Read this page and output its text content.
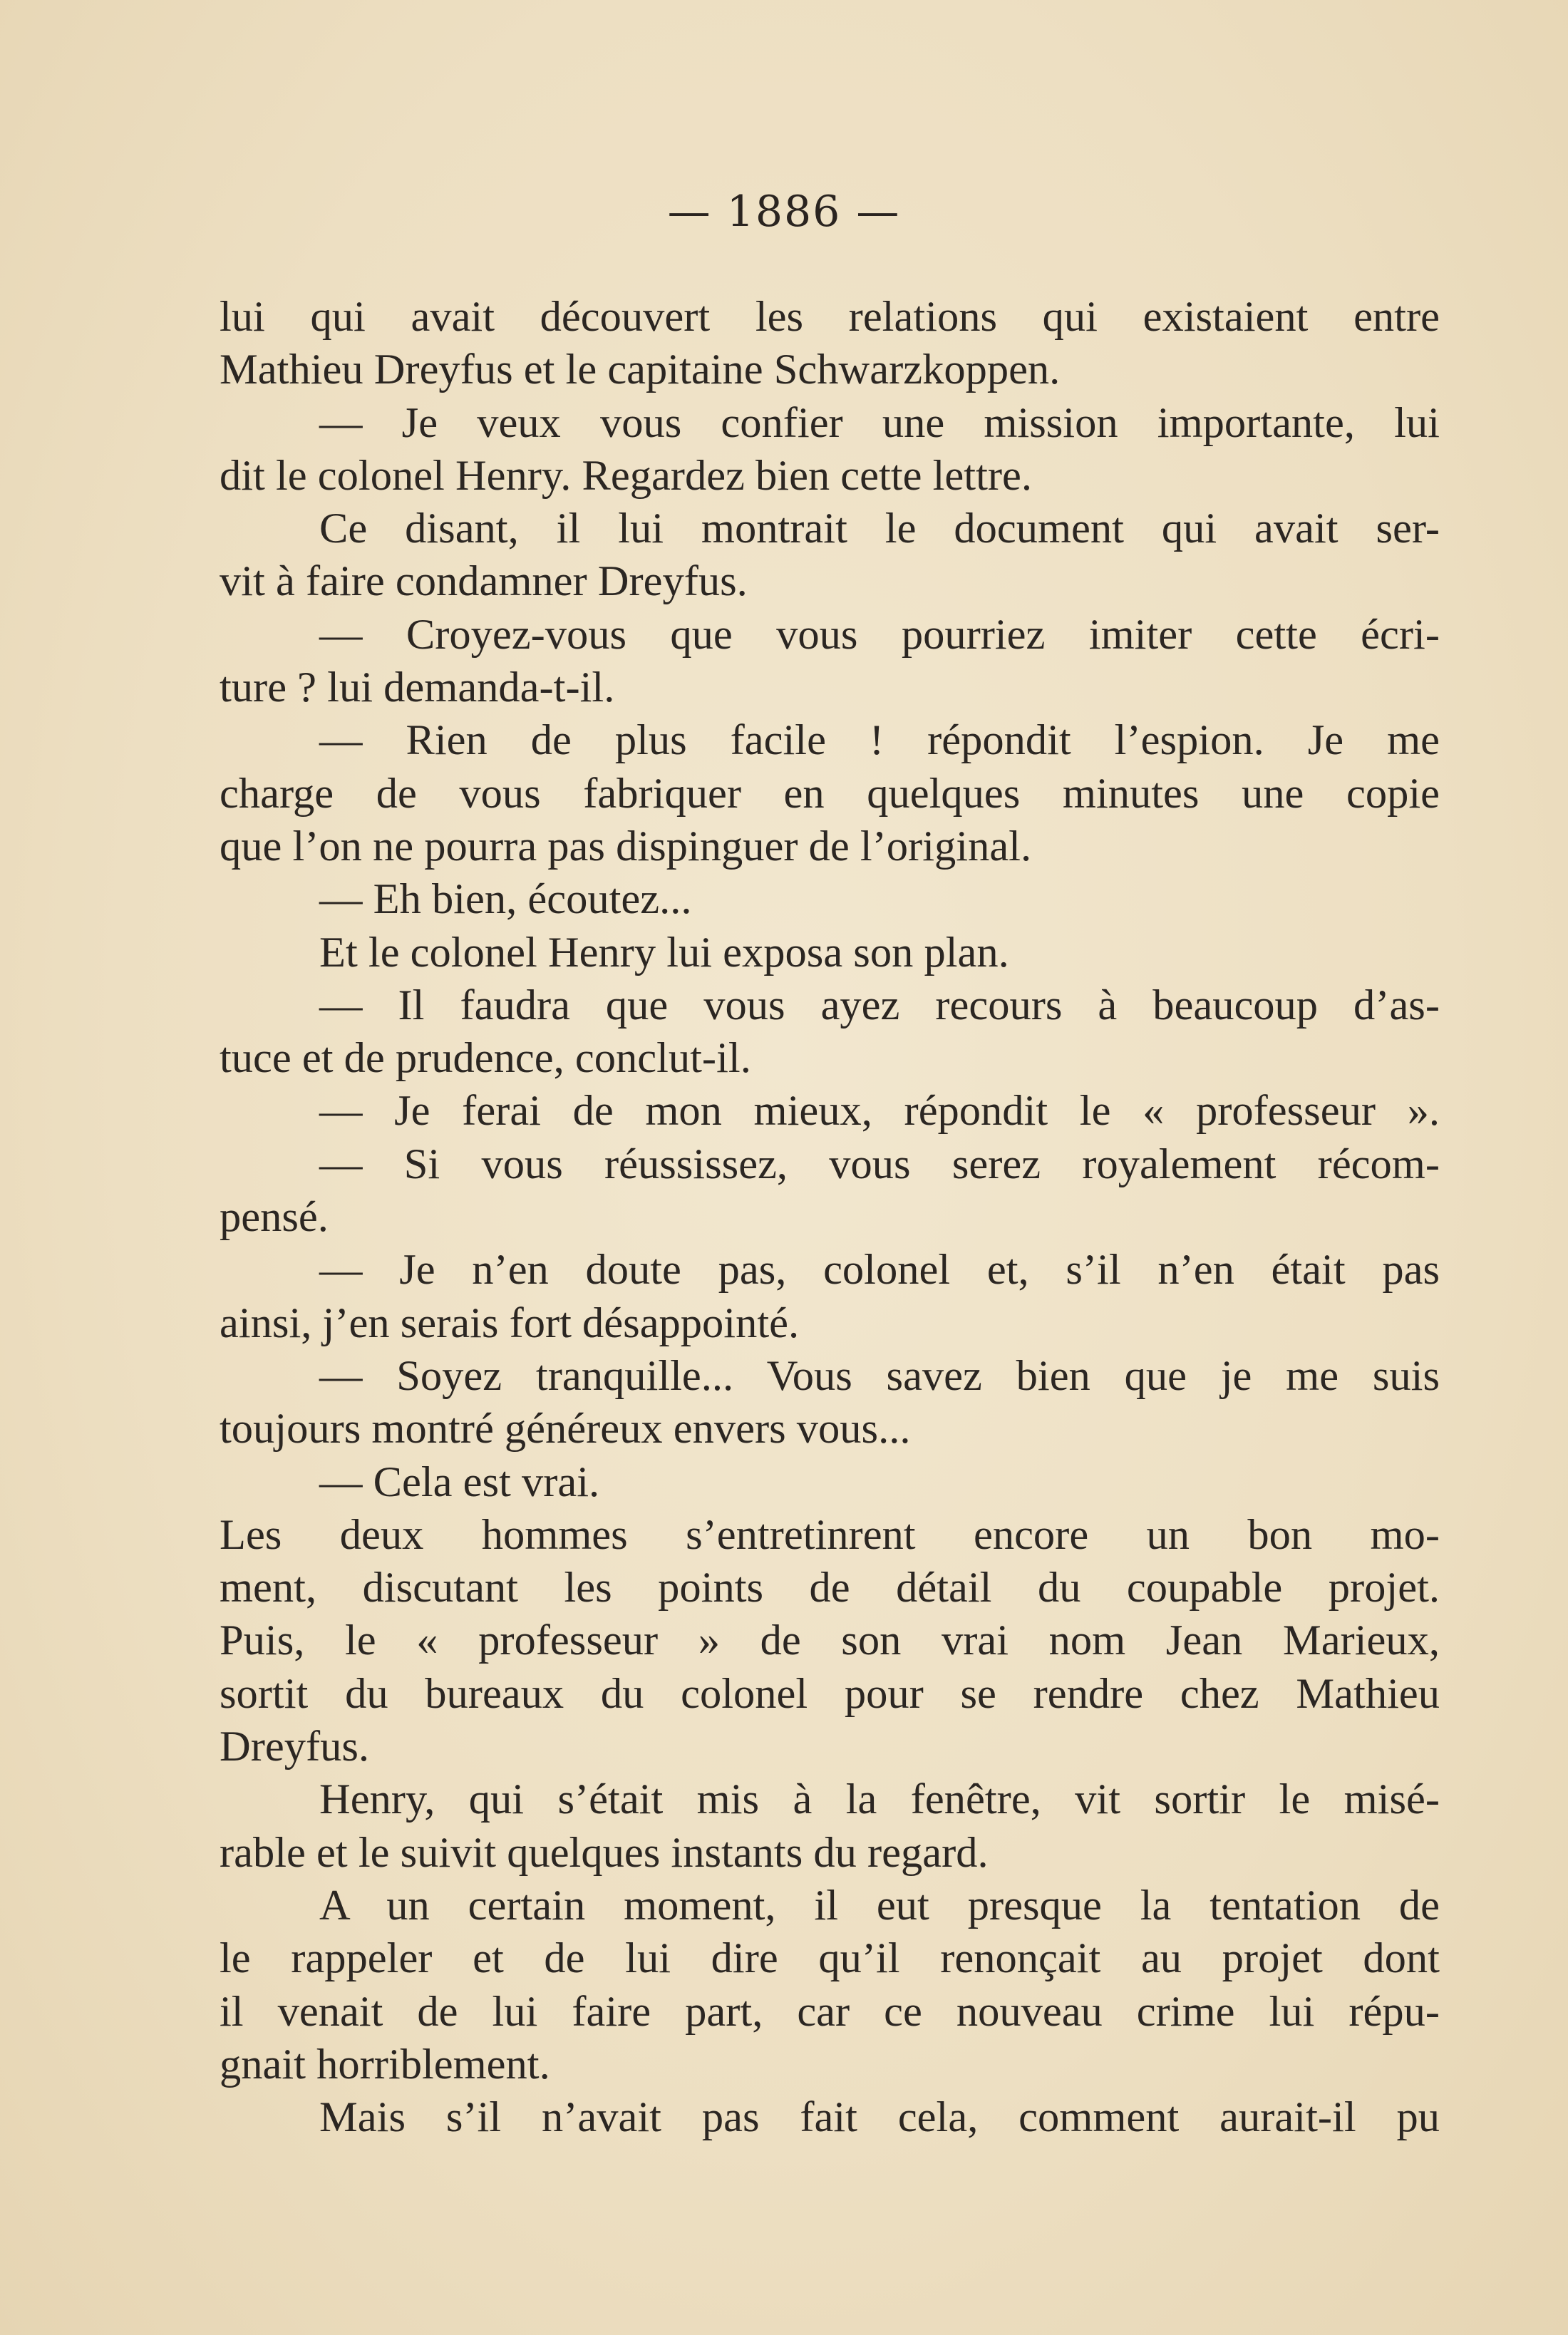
— 1886 —
lui qui avait découvert les relations qui existaient entre
Mathieu Dreyfus et le capitaine Schwarzkoppen.
— Je veux vous confier une mission importante, lui
dit le colonel Henry. Regardez bien cette lettre.
Ce disant, il lui montrait le document qui avait ser-
vit à faire condamner Dreyfus.
— Croyez-vous que vous pourriez imiter cette écri-
ture ? lui demanda-t-il.
— Rien de plus facile ! répondit l’espion. Je me
charge de vous fabriquer en quelques minutes une copie
que l’on ne pourra pas dispinguer de l’original.
— Eh bien, écoutez...
Et le colonel Henry lui exposa son plan.
— Il faudra que vous ayez recours à beaucoup d’as-
tuce et de prudence, conclut-il.
— Je ferai de mon mieux, répondit le « professeur ».
— Si vous réussissez, vous serez royalement récom-
pensé.
— Je n’en doute pas, colonel et, s’il n’en était pas
ainsi, j’en serais fort désappointé.
— Soyez tranquille... Vous savez bien que je me suis
toujours montré généreux envers vous...
— Cela est vrai.
Les deux hommes s’entretinrent encore un bon mo-
ment, discutant les points de détail du coupable projet.
Puis, le « professeur » de son vrai nom Jean Marieux,
sortit du bureaux du colonel pour se rendre chez Mathieu
Dreyfus.
Henry, qui s’était mis à la fenêtre, vit sortir le misé-
rable et le suivit quelques instants du regard.
A un certain moment, il eut presque la tentation de
le rappeler et de lui dire qu’il renonçait au projet dont
il venait de lui faire part, car ce nouveau crime lui répu-
gnait horriblement.
Mais s’il n’avait pas fait cela, comment aurait-il pu
